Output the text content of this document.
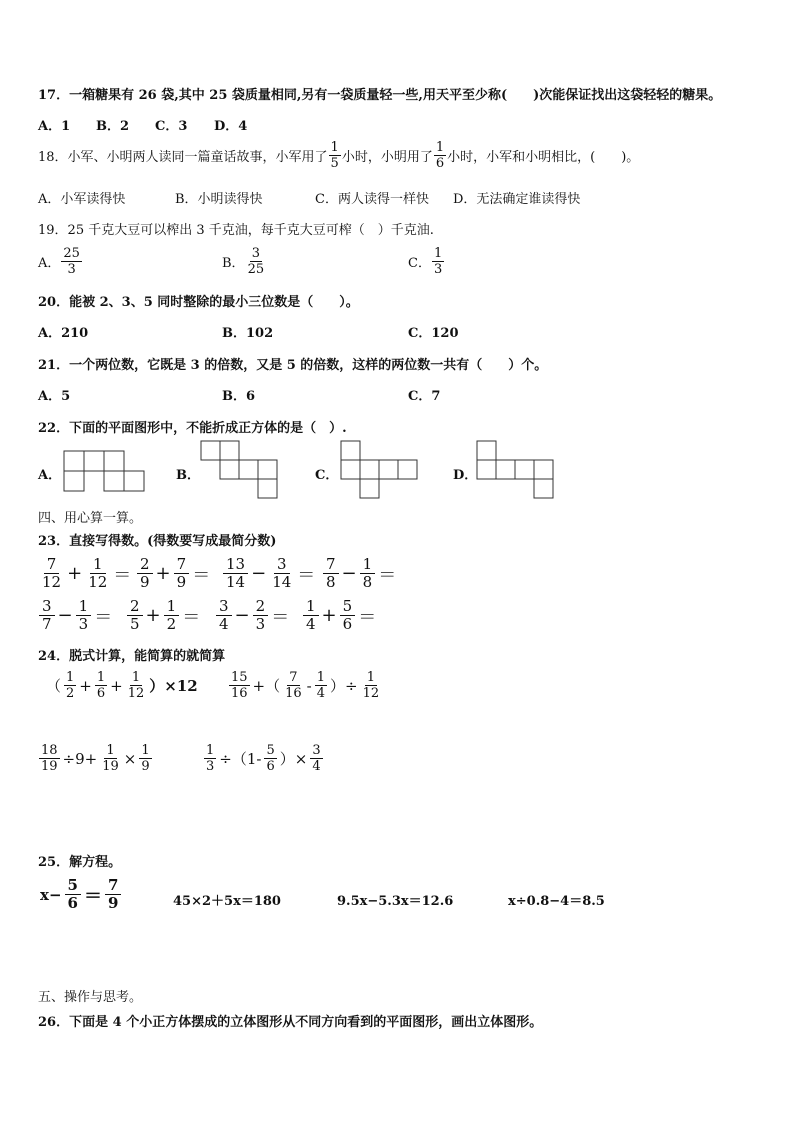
17．一箱糖果有 26 袋,其中 25 袋质量相同,另有一袋质量轻一些,用天平至少称(　　)次能保证找出这袋轻轻的糖果。
A．1 B．2 C．3 D．4
18．小军、小明两人读同一篇童话故事，小军用了 $\frac{1}{5}$ 小时，小明用了 $\frac{1}{6}$ 小时，小军和小明相比，(　　)。
A．小军读得快	B．小明读得快	C．两人读得一样快 D．无法确定谁读得快
19．25 千克大豆可以榨出 3 千克油，每千克大豆可榨（　）千克油.
A． $\frac{25}{3}$	B． $\frac{3}{25}$	C． $\frac{1}{3}$
20．能被 2、3、5 同时整除的最小三位数是（　　）。
A．210	B．102	C．120
21．一个两位数，它既是 3 的倍数，又是 5 的倍数，这样的两位数一共有（　　）个。
A．5	B．6	C．7
22．下面的平面图形中，不能折成正方体的是（　）.
A．	B．	C．	D．
四、用心算一算。
23．直接写得数。(得数要写成最简分数)
$\frac{7}{12} + \frac{1}{12} = \frac{2}{9} + \frac{7}{9} = \frac{13}{14} - \frac{3}{14} = \frac{7}{8} - \frac{1}{8}$ ＝
$\frac{3}{7} - \frac{1}{3} = \frac{2}{5} + \frac{1}{2} = \frac{3}{4} - \frac{2}{3} = \frac{1}{4} + \frac{5}{6}$ ＝
24．脱式计算，能简算的就简算
（ $\frac{1}{2} + \frac{1}{6} + \frac{1}{12} )\times 12 \frac{15}{16}$ +（ $\frac{7}{16} - \frac{1}{4}$ ）÷ $\frac{1}{12}$
$\frac{18}{19} \div 9+ \frac{1}{19} \times \frac{1}{9}$	$\frac{1}{3} \div(1- \frac{5}{6}$ ）× $\frac{3}{4}$
25．解方程。
$x- \frac{5}{6} = \frac{7}{9}$	45×2＋5x＝180	9.5x−5.3x＝12.6	x÷0.8−4＝8.5
五、操作与思考。
26．下面是 4 个小正方体摆成的立体图形从不同方向看到的平面图形，画出立体图形。
